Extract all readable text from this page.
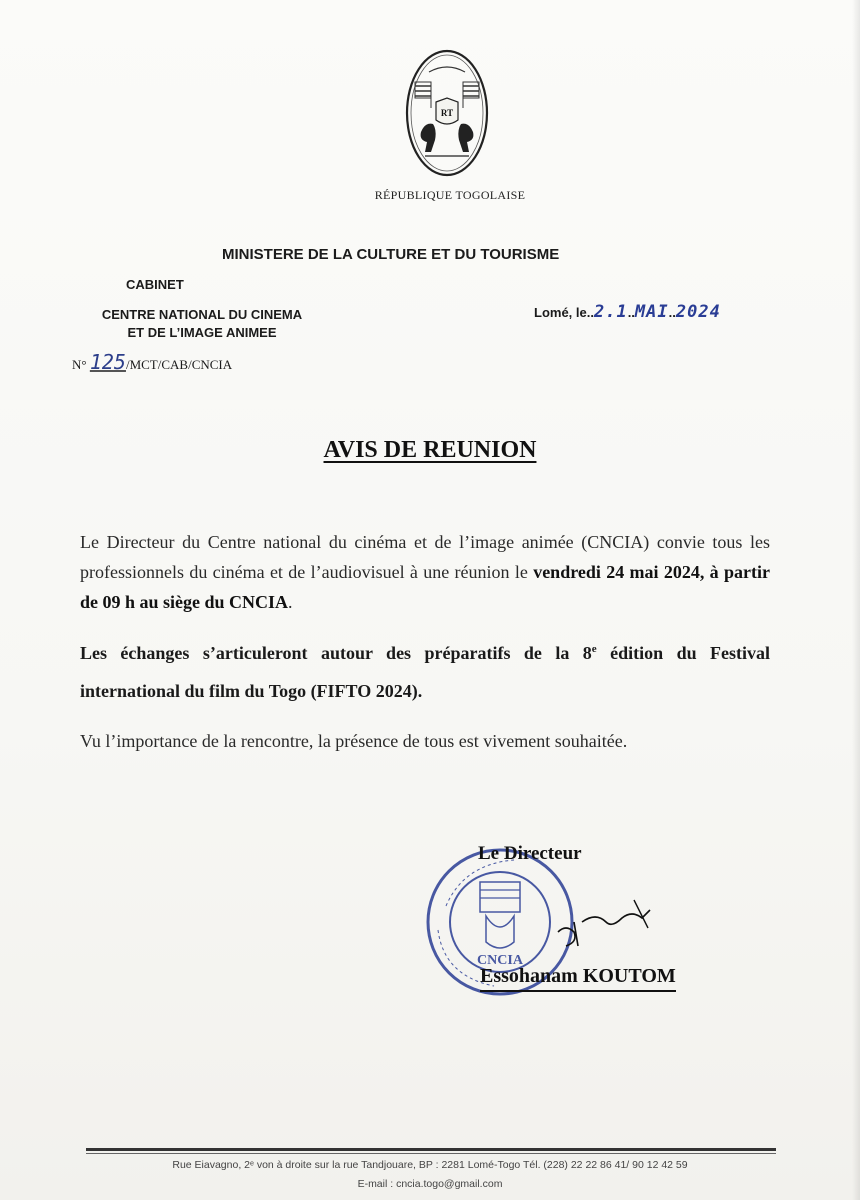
RT
RÉPUBLIQUE TOGOLAISE
MINISTERE DE LA CULTURE ET DU TOURISME
CABINET
CENTRE NATIONAL DU CINEMA
ET DE L’IMAGE ANIMEE
N° 125/MCT/CAB/CNCIA
Lomé, le..2.1..MAI..2024
AVIS DE REUNION
Le Directeur du Centre national du cinéma et de l’image animée (CNCIA) convie tous les professionnels du cinéma et de l’audiovisuel à une réunion le vendredi 24 mai 2024, à partir de 09 h au siège du CNCIA.
Les échanges s’articuleront autour des préparatifs de la 8e édition du Festival international du film du Togo (FIFTO 2024).
Vu l’importance de la rencontre, la présence de tous est vivement souhaitée.
CNCIA
Le Directeur
Essohanam KOUTOM
Rue Eiavagno, 2ᵉ von à droite sur la rue Tandjouare, BP : 2281 Lomé-Togo Tél. (228) 22 22 86 41/ 90 12 42 59
E-mail : cncia.togo@gmail.com
